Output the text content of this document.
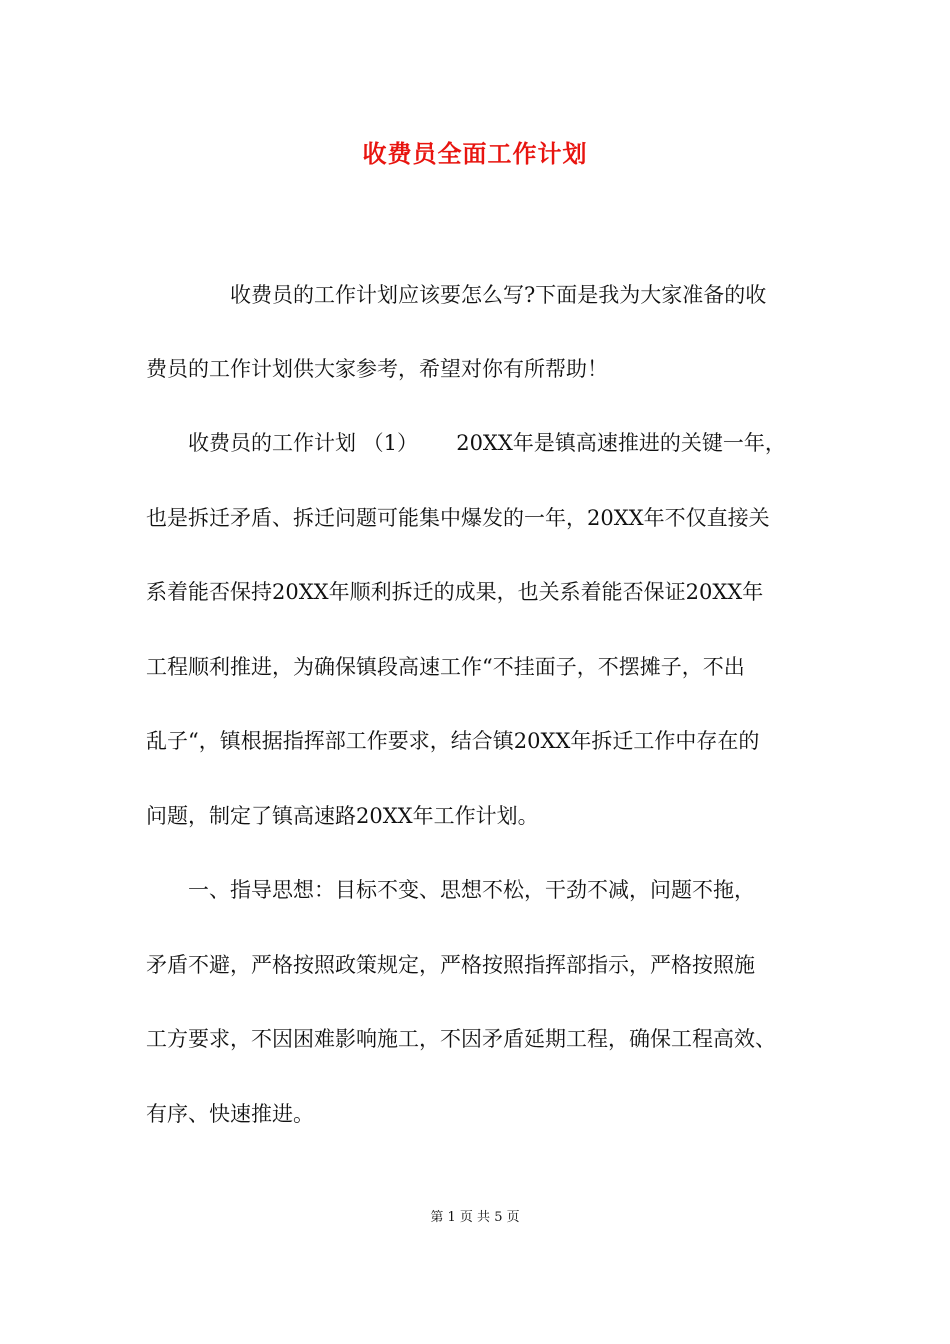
收费员全面工作计划
　　　　收费员的工作计划应该要怎么写?下面是我为大家准备的收
费员的工作计划供大家参考，希望对你有所帮助！
　　收费员的工作计划 （1）　　 20XX年是镇高速推进的关键一年，
也是拆迁矛盾、拆迁问题可能集中爆发的一年，20XX年不仅直接关
系着能否保持20XX年顺利拆迁的成果，也关系着能否保证20XX年
工程顺利推进，为确保镇段高速工作“不挂面子，不摆摊子，不出
乱子“，镇根据指挥部工作要求，结合镇20XX年拆迁工作中存在的
问题，制定了镇高速路20XX年工作计划。
　　一、指导思想：目标不变、思想不松，干劲不减，问题不拖，
矛盾不避，严格按照政策规定，严格按照指挥部指示，严格按照施
工方要求，不因困难影响施工，不因矛盾延期工程，确保工程高效、
有序、快速推进。
第 1 页 共 5 页
